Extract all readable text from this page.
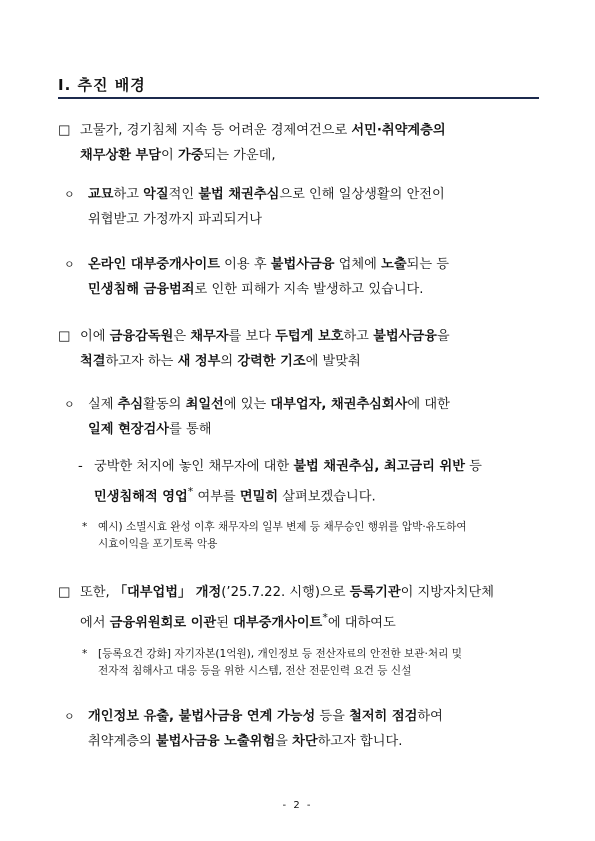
Ⅰ. 추진 배경
□ 고물가, 경기침체 지속 등 어려운 경제여건으로 서민·취약계층의
채무상환 부담이 가중되는 가운데,
ㅇ 교묘하고 악질적인 불법 채권추심으로 인해 일상생활의 안전이
위협받고 가정까지 파괴되거나
ㅇ 온라인 대부중개사이트 이용 후 불법사금융 업체에 노출되는 등
민생침해 금융범죄로 인한 피해가 지속 발생하고 있습니다.
□ 이에 금융감독원은 채무자를 보다 두텁게 보호하고 불법사금융을
척결하고자 하는 새 정부의 강력한 기조에 발맞춰
ㅇ 실제 추심활동의 최일선에 있는 대부업자, 채권추심회사에 대한
일제 현장검사를 통해
- 궁박한 처지에 놓인 채무자에 대한 불법 채권추심, 최고금리 위반 등
민생침해적 영업* 여부를 면밀히 살펴보겠습니다.
* 예시) 소멸시효 완성 이후 채무자의 일부 변제 등 채무승인 행위를 압박·유도하여
시효이익을 포기토록 악용
□ 또한, 「대부업법」 개정(’25.7.22. 시행)으로 등록기관이 지방자치단체
에서 금융위원회로 이관된 대부중개사이트*에 대하여도
* [등록요건 강화] 자기자본(1억원), 개인정보 등 전산자료의 안전한 보관·처리 및
전자적 침해사고 대응 등을 위한 시스템, 전산 전문인력 요건 등 신설
ㅇ 개인정보 유출, 불법사금융 연계 가능성 등을 철저히 점검하여
취약계층의 불법사금융 노출위험을 차단하고자 합니다.
- 2 -
